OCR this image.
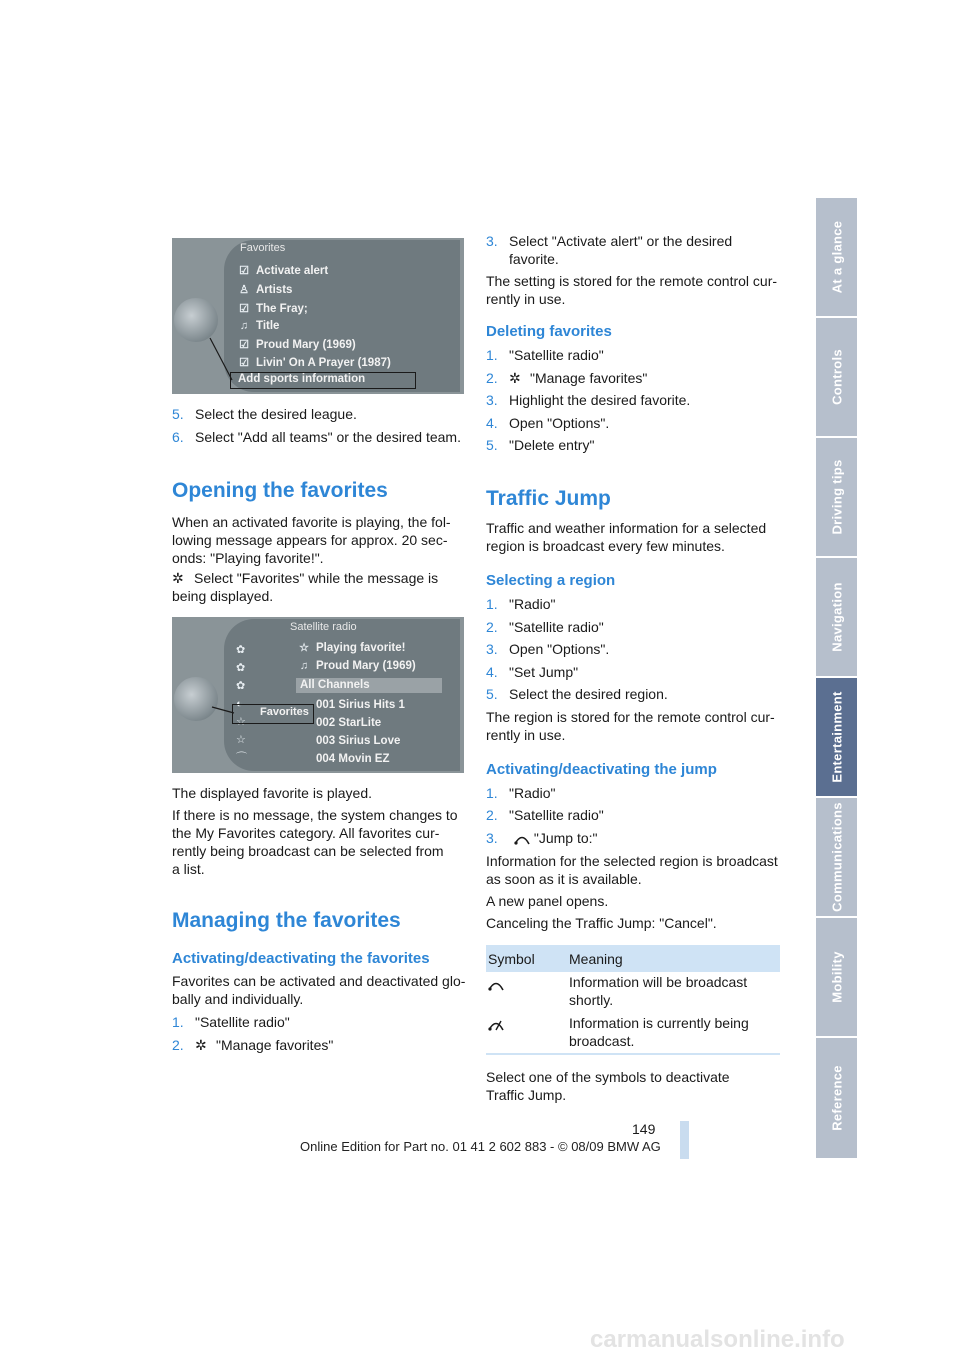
At a glance
Controls
Driving tips
Navigation
Entertainment
Communications
Mobility
Reference
Favorites
☑ Activate alert
♙ Artists
☑ The Fray;
♫ Title
☑ Proud Mary (1969)
☑ Livin' On A Prayer (1987)
Add sports information
5. Select the desired league.
6. Select "Add all teams" or the desired team.
Opening the favorites
When an activated favorite is playing, the fol-
lowing message appears for approx. 20 sec-
onds: "Playing favorite!".
✲ Select "Favorites" while the message is
being displayed.
Satellite radio
✿
✿
✿
◐
☆
☆
⌒
Favorites
☆ Playing favorite!
♫ Proud Mary (1969)
All Channels
001 Sirius Hits 1
002 StarLite
003 Sirius Love
004 Movin EZ
The displayed favorite is played.
If there is no message, the system changes to
the My Favorites category. All favorites cur-
rently being broadcast can be selected from
a list.
Managing the favorites
Activating/deactivating the favorites
Favorites can be activated and deactivated glo-
bally and individually.
1. "Satellite radio"
2. ✲ "Manage favorites"
3. Select "Activate alert" or the desired
favorite.
The setting is stored for the remote control cur-
rently in use.
Deleting favorites
1. "Satellite radio"
2. ✲ "Manage favorites"
3. Highlight the desired favorite.
4. Open "Options".
5. "Delete entry"
Traffic Jump
Traffic and weather information for a selected
region is broadcast every few minutes.
Selecting a region
1. "Radio"
2. "Satellite radio"
3. Open "Options".
4. "Set Jump"
5. Select the desired region.
The region is stored for the remote control cur-
rently in use.
Activating/deactivating the jump
1. "Radio"
2. "Satellite radio"
3.	"Jump to:"
Information for the selected region is broadcast
as soon as it is available.
A new panel opens.
Canceling the Traffic Jump: "Cancel".
Symbol Meaning
Information will be broadcast
shortly.
Information is currently being
broadcast.
Select one of the symbols to deactivate
Traffic Jump.
149
Online Edition for Part no. 01 41 2 602 883 - © 08/09 BMW AG
carmanualsonline.info
